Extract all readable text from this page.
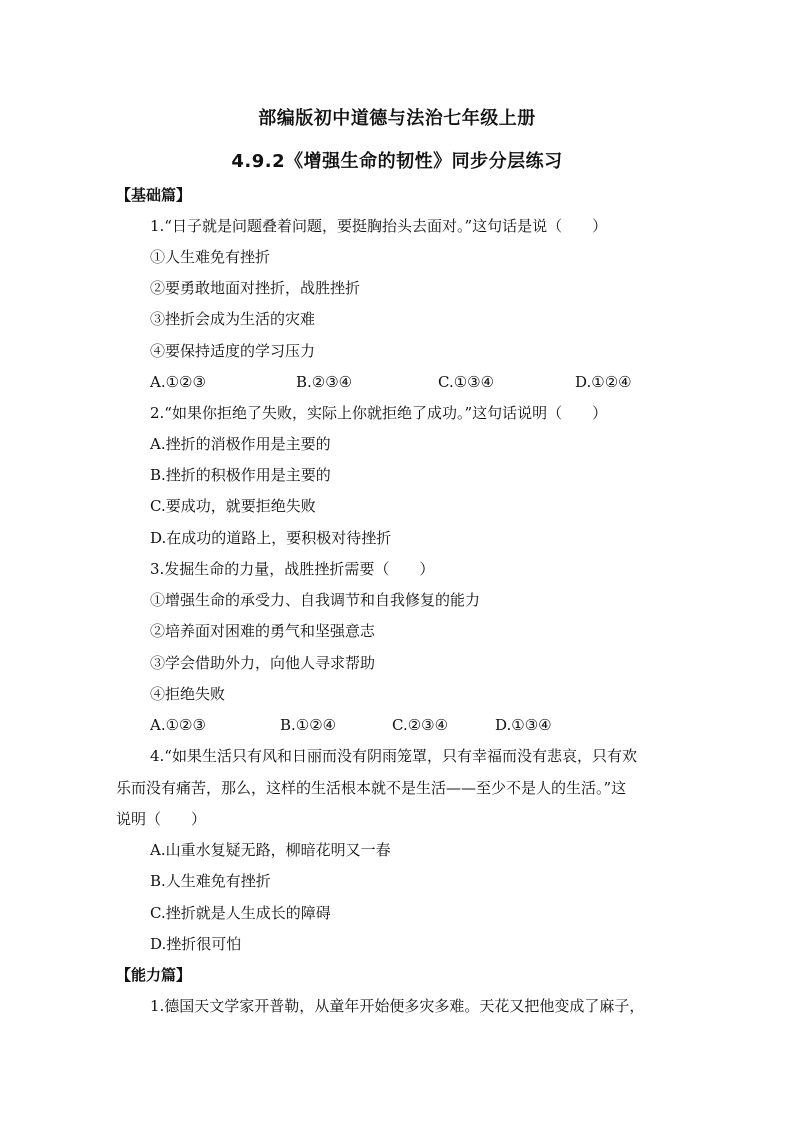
部编版初中道德与法治七年级上册
4.9.2《增强生命的韧性》同步分层练习
【基础篇】
1.“日子就是问题叠着问题，要挺胸抬头去面对。”这句话是说（　　）
①人生难免有挫折
②要勇敢地面对挫折，战胜挫折
③挫折会成为生活的灾难
④要保持适度的学习压力
A.①②③	B.②③④	C.①③④	D.①②④
2.“如果你拒绝了失败，实际上你就拒绝了成功。”这句话说明（　　）
A.挫折的消极作用是主要的
B.挫折的积极作用是主要的
C.要成功，就要拒绝失败
D.在成功的道路上，要积极对待挫折
3.发掘生命的力量，战胜挫折需要（　　）
①增强生命的承受力、自我调节和自我修复的能力
②培养面对困难的勇气和坚强意志
③学会借助外力，向他人寻求帮助
④拒绝失败
A.①②③	B.①②④	C.②③④	D.①③④
4.“如果生活只有风和日丽而没有阴雨笼罩，只有幸福而没有悲哀，只有欢
乐而没有痛苦，那么，这样的生活根本就不是生活——至少不是人的生活。”这
说明（　　）
A.山重水复疑无路，柳暗花明又一春
B.人生难免有挫折
C.挫折就是人生成长的障碍
D.挫折很可怕
【能力篇】
1.德国天文学家开普勒，从童年开始便多灾多难。天花又把他变成了麻子，
